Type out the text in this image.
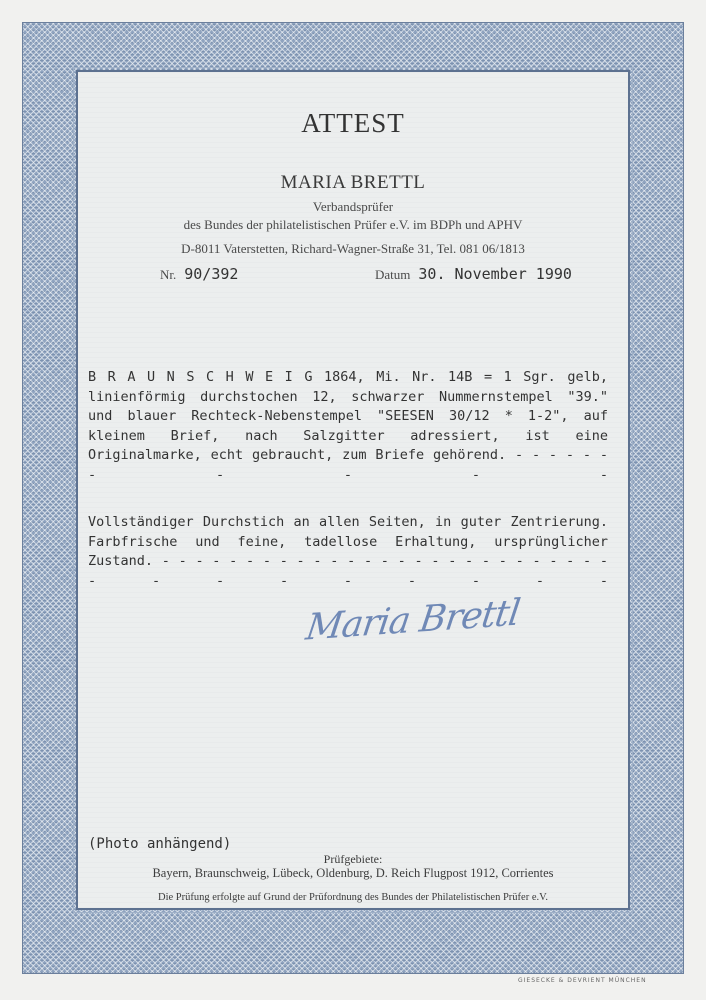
ATTEST
MARIA BRETTL
Verbandsprüfer
des Bundes der philatelistischen Prüfer e.V. im BDPh und APHV
D-8011 Vaterstetten, Richard-Wagner-Straße 31, Tel. 081 06/1813
Nr. 90/392	Datum 30. November 1990

B R A U N S C H W E I G 1864, Mi. Nr. 14B = 1 Sgr. gelb, linienförmig durchstochen 12, schwarzer Nummernstempel "39." und blauer Rechteck-Nebenstempel "SEESEN 30/12 * 1-2", auf kleinem Brief, nach Salzgitter adressiert, ist eine Originalmarke, echt gebraucht, zum Briefe gehörend. - - - - - - - - - - -

Vollständiger Durchstich an allen Seiten, in guter Zentrierung. Farbfrische und feine, tadellose Erhaltung, ursprünglicher Zustand. - - - - - - - - - - - - - - - - - - - - - - - - - - - - - - - - - - - -

Maria Brettl
(Photo anhängend)
Prüfgebiete:
Bayern, Braunschweig, Lübeck, Oldenburg, D. Reich Flugpost 1912, Corrientes
Die Prüfung erfolgte auf Grund der Prüfordnung des Bundes der Philatelistischen Prüfer e.V.
GIESECKE & DEVRIENT MÜNCHEN
